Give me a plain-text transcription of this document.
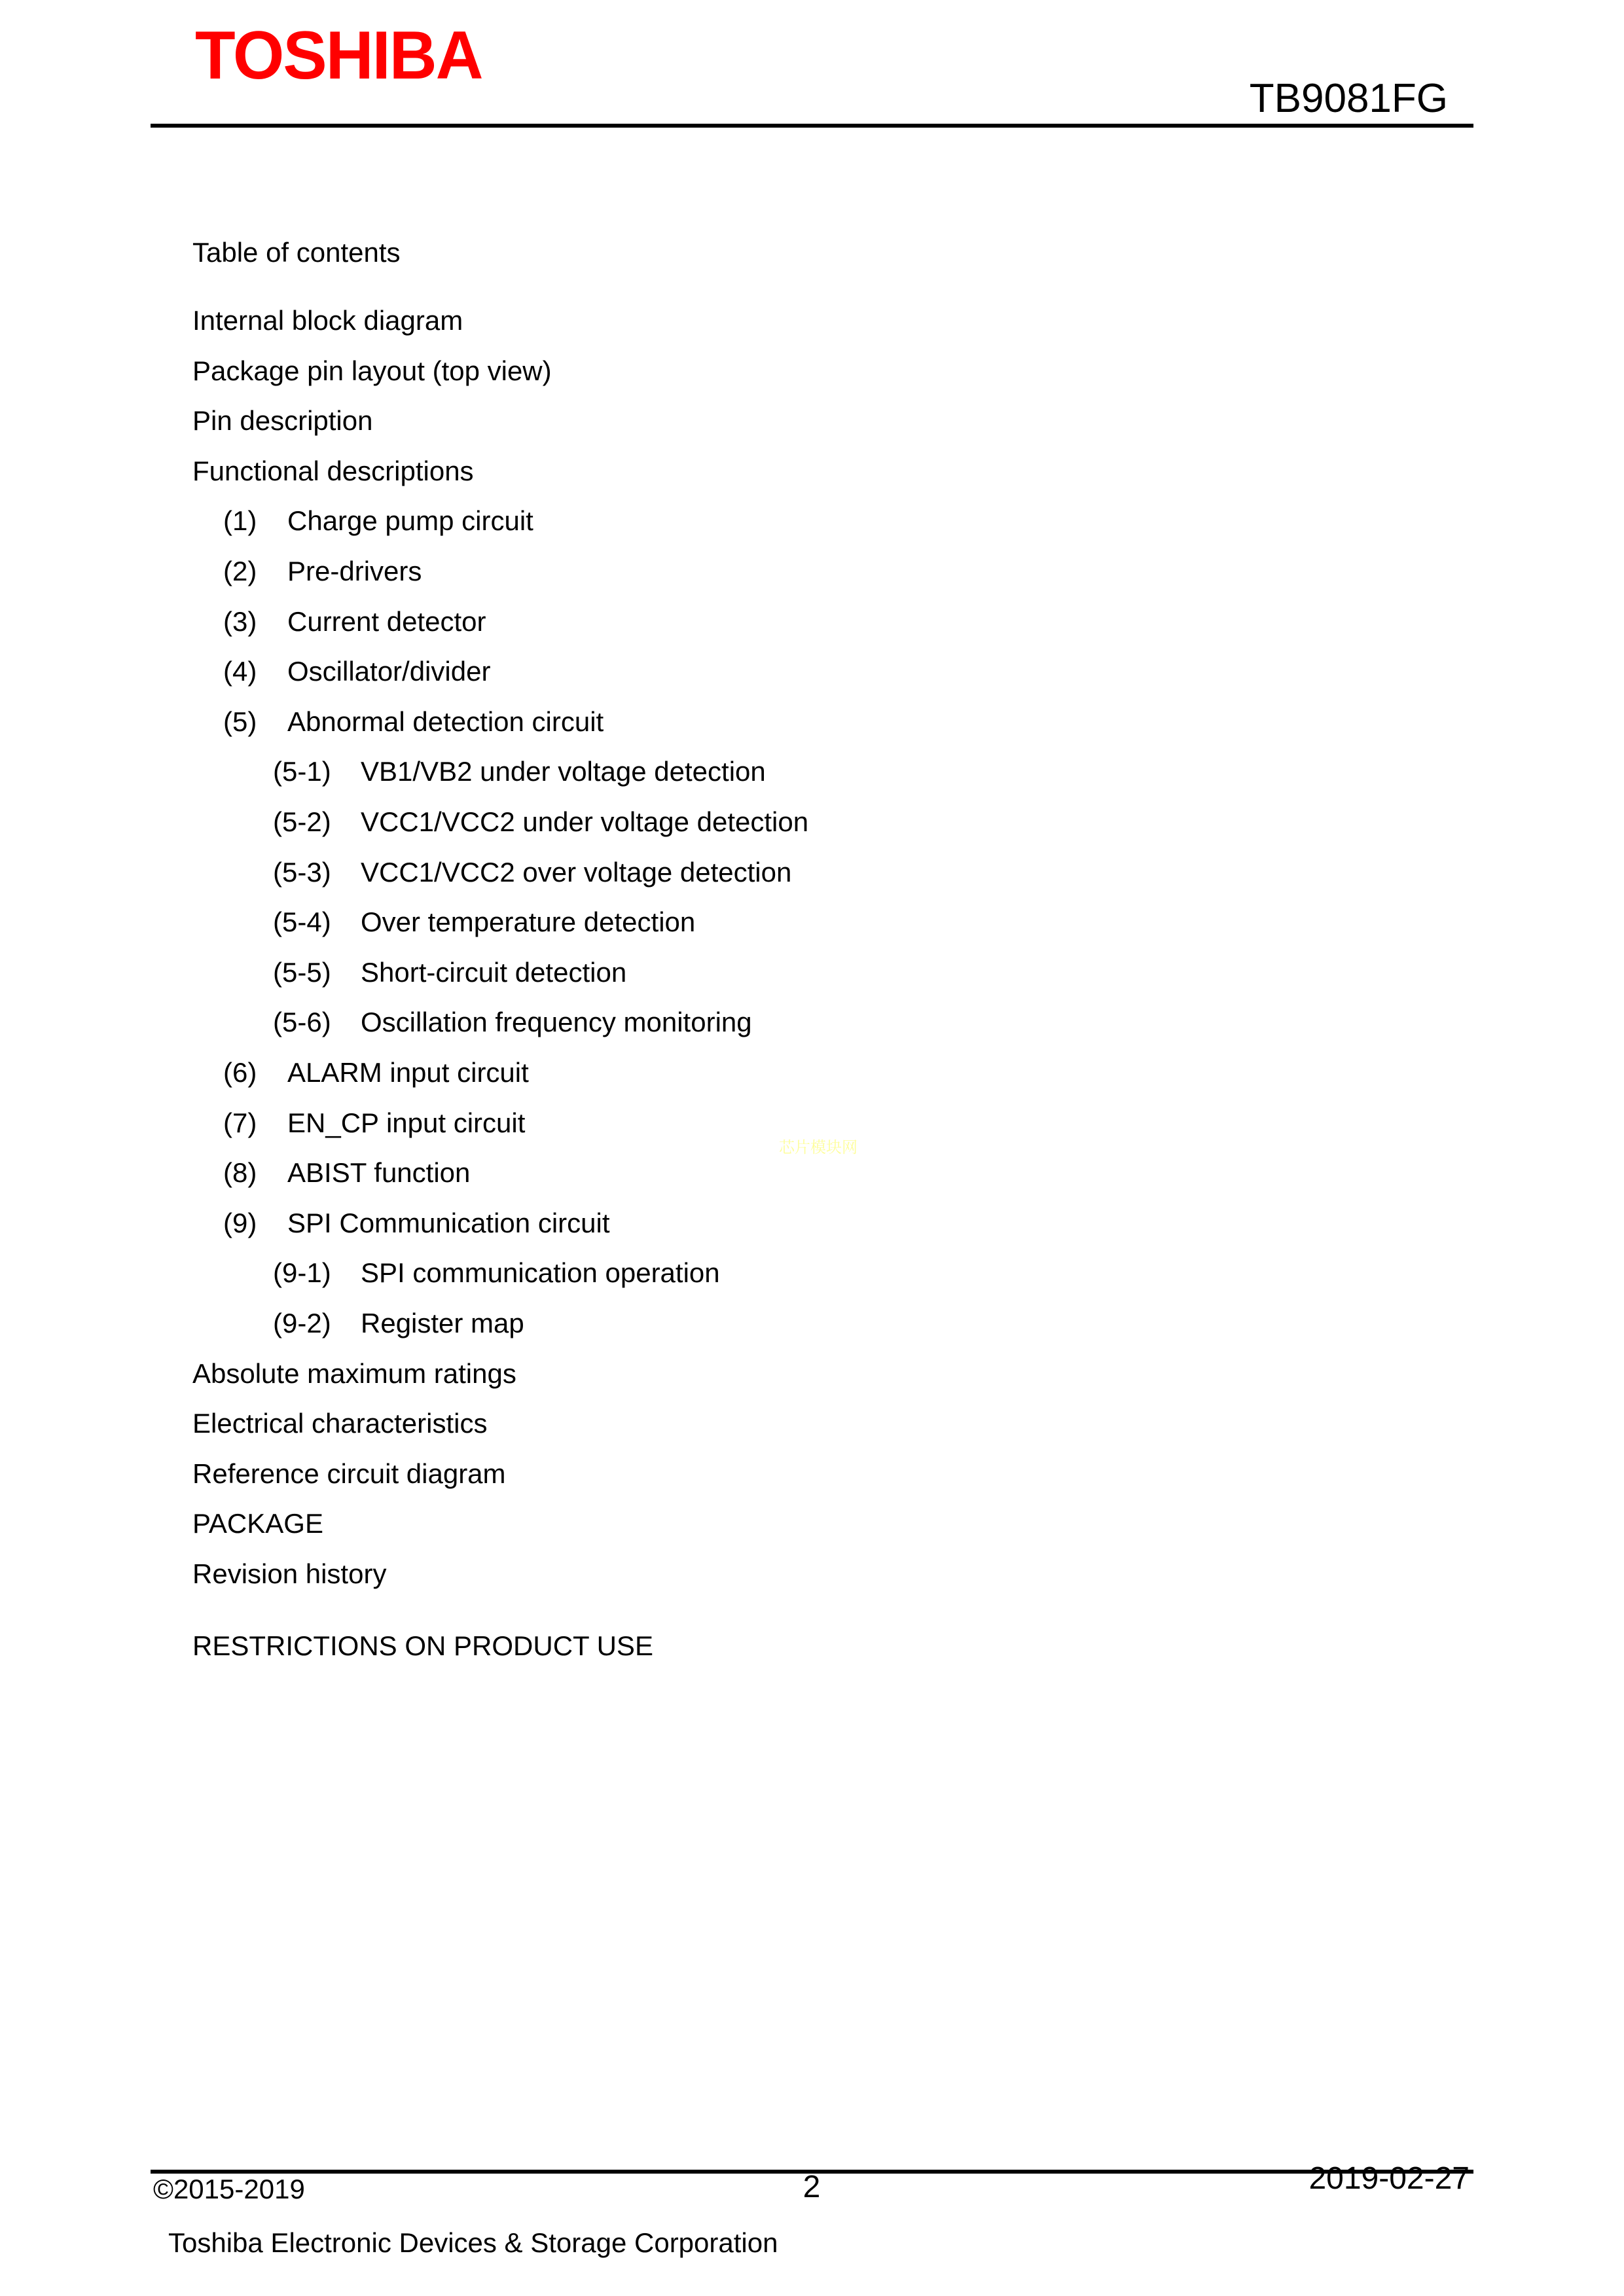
TOSHIBA
TB9081FG
Table of contents
Internal block diagram
Package pin layout (top view)
Pin description
Functional descriptions
(1) Charge pump circuit
(2) Pre-drivers
(3) Current detector
(4) Oscillator/divider
(5) Abnormal detection circuit
(5-1) VB1/VB2 under voltage detection
(5-2) VCC1/VCC2 under voltage detection
(5-3) VCC1/VCC2 over voltage detection
(5-4) Over temperature detection
(5-5) Short-circuit detection
(5-6) Oscillation frequency monitoring
(6) ALARM input circuit
(7) EN_CP input circuit
(8) ABIST function
(9) SPI Communication circuit
(9-1) SPI communication operation
(9-2) Register map
Absolute maximum ratings
Electrical characteristics
Reference circuit diagram
PACKAGE
Revision history
RESTRICTIONS ON PRODUCT USE
芯片模块网
©2015-2019
Toshiba Electronic Devices & Storage Corporation
2	2019-02-27
